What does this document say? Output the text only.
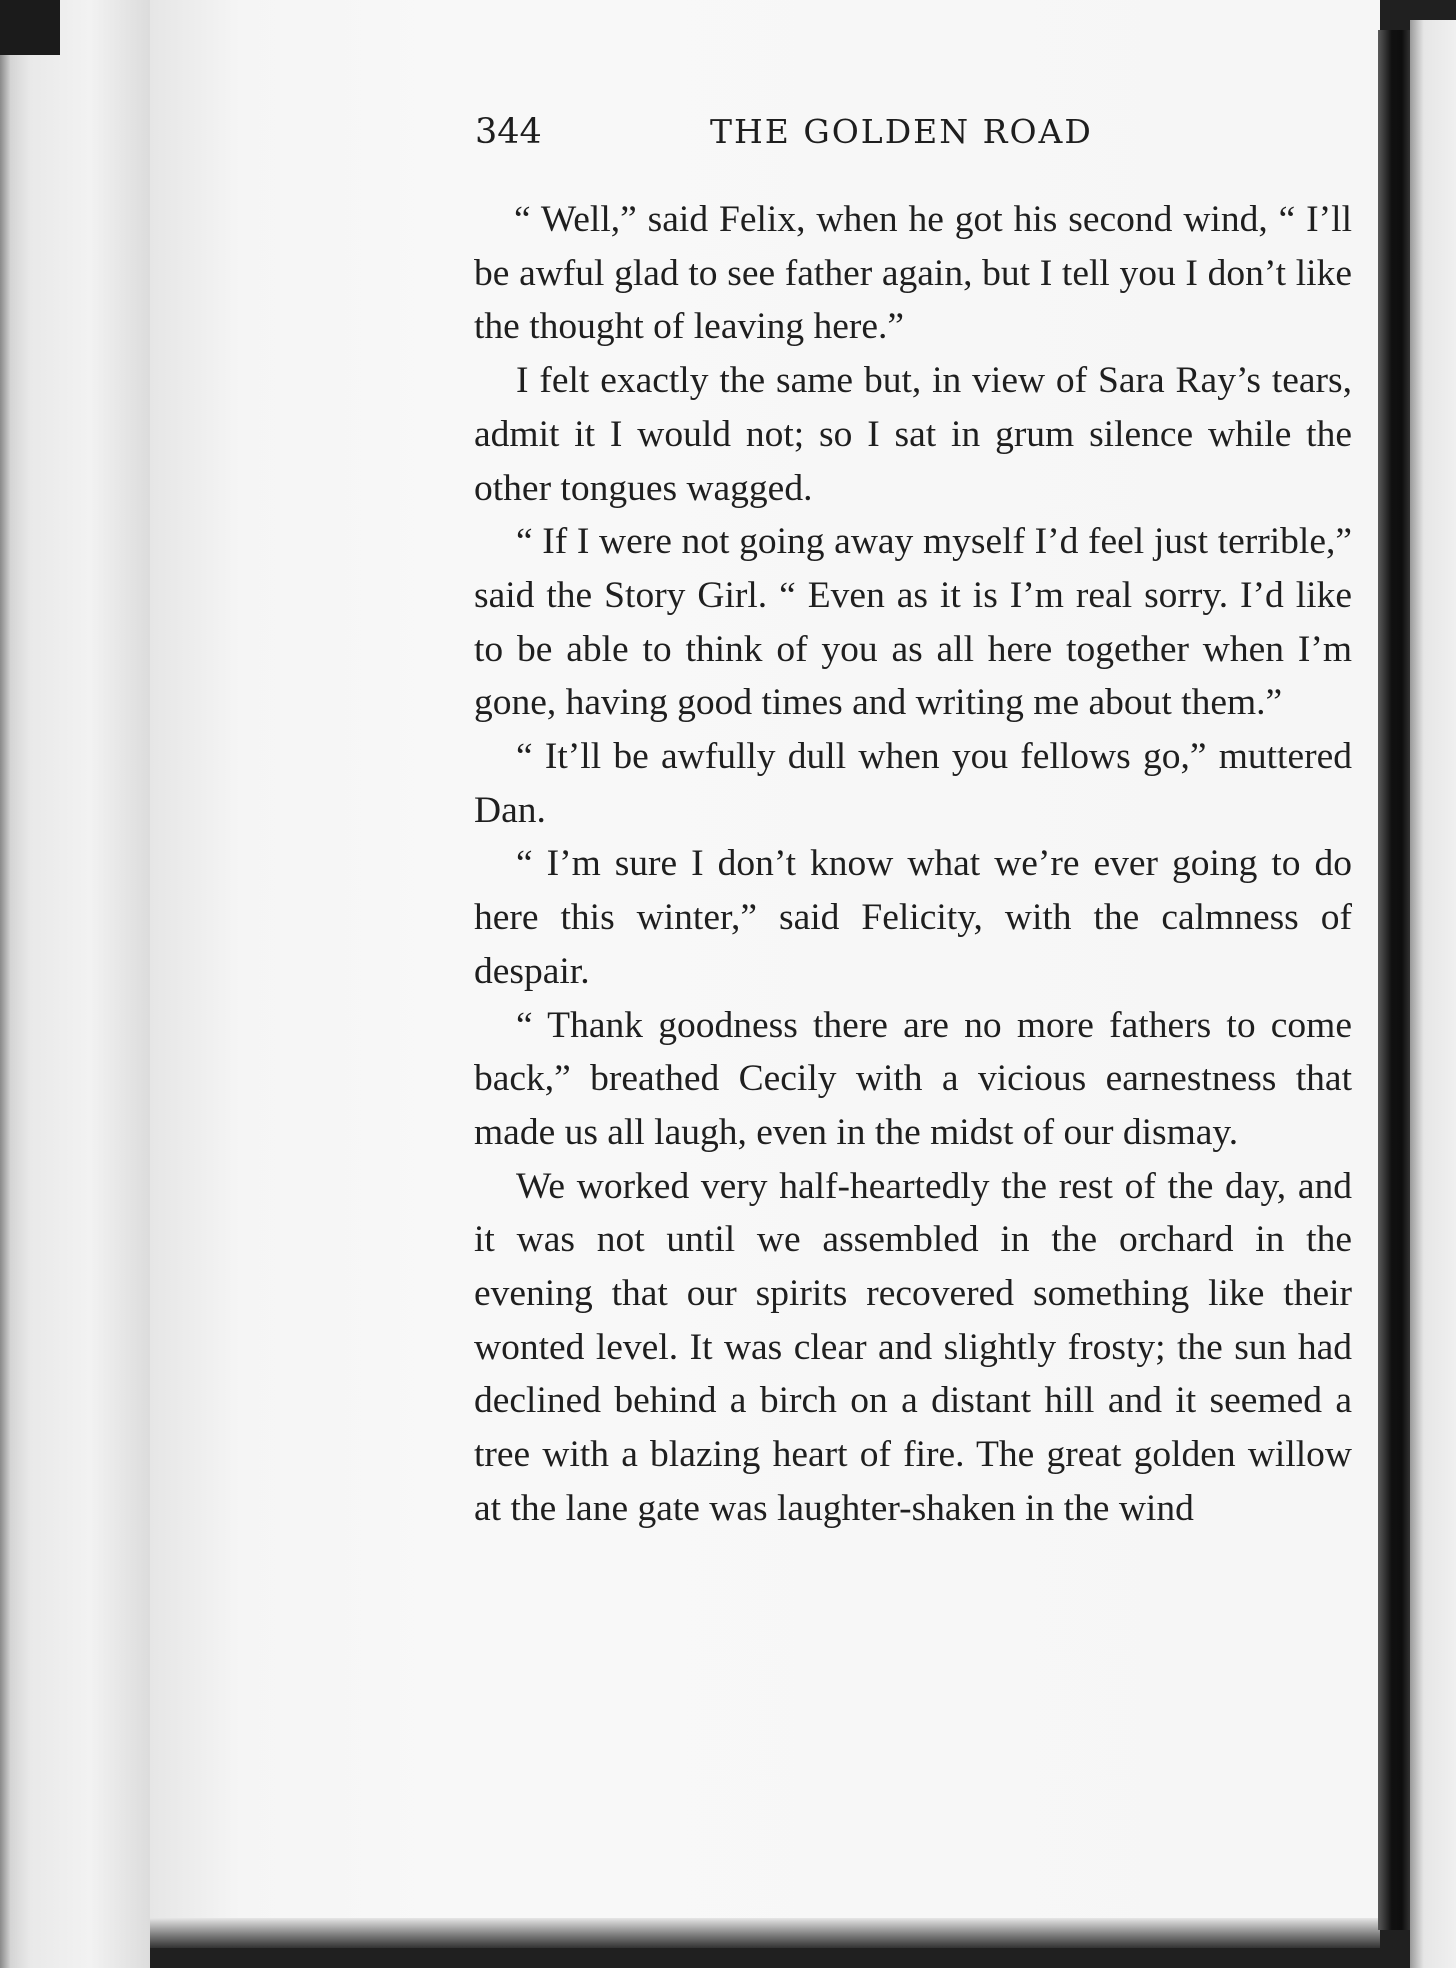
344	THE GOLDEN ROAD

“ Well,” said Felix, when he got his second wind, “ I’ll be awful glad to see father again, but I tell you I don’t like the thought of leaving here.”

I felt exactly the same but, in view of Sara Ray’s tears, admit it I would not; so I sat in grum silence while the other tongues wagged.

“ If I were not going away myself I’d feel just terrible,” said the Story Girl. “ Even as it is I’m real sorry. I’d like to be able to think of you as all here together when I’m gone, having good times and writing me about them.”

“ It’ll be awfully dull when you fellows go,” muttered Dan.

“ I’m sure I don’t know what we’re ever going to do here this winter,” said Felicity, with the calmness of despair.

“ Thank goodness there are no more fathers to come back,” breathed Cecily with a vicious earnestness that made us all laugh, even in the midst of our dismay.

We worked very half-heartedly the rest of the day, and it was not until we assembled in the orchard in the evening that our spirits recovered something like their wonted level. It was clear and slightly frosty; the sun had declined behind a birch on a distant hill and it seemed a tree with a blazing heart of fire. The great golden willow at the lane gate was laughter-shaken in the wind
